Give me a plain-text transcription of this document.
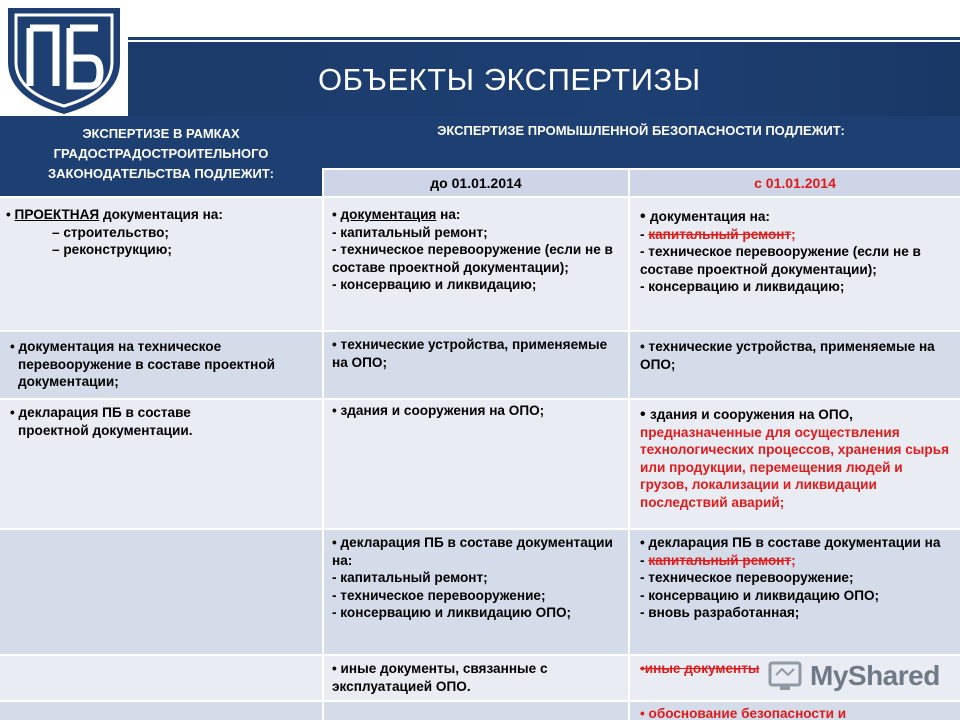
ОБЪЕКТЫ ЭКСПЕРТИЗЫ
ЭКСПЕРТИЗЕ В РАМКАХ ГРАДОСТРАДОСТРОИТЕЛЬНОГО ЗАКОНОДАТЕЛЬСТВА ПОДЛЕЖИТ:
ЭКСПЕРТИЗЕ ПРОМЫШЛЕННОЙ БЕЗОПАСНОСТИ ПОДЛЕЖИТ:
до 01.01.2014	с 01.01.2014
• ПРОЕКТНАЯ документация на:
– строительство;
– реконструкцию;
• документация на:
- капитальный ремонт;
- техническое перевооружение (если не в составе проектной документации);
- консервацию и ликвидацию;
• документация на:
- капитальный ремонт;
- техническое перевооружение (если не в составе проектной документации);
- консервацию и ликвидацию;
• документация на техническое перевооружение в составе проектной документации;
• технические устройства, применяемые на ОПО;
• технические устройства, применяемые на ОПО;
• декларация ПБ в составе проектной документации.
• здания и сооружения на ОПО;	• здания и сооружения на ОПО,
предназначенные для осуществления технологических процессов, хранения сырья или продукции, перемещения людей и грузов, локализации и ликвидации последствий аварий;
• декларация ПБ в составе документации на:
- капитальный ремонт;
- техническое перевооружение;
- консервацию и ликвидацию ОПО;
• декларация ПБ в составе документации на
- капитальный ремонт;
- техническое перевооружение;
- консервацию и ликвидацию ОПО;
- вновь разработанная;
• иные документы, связанные с эксплуатацией ОПО.
•иные документы
• обоснование безопасности и
MyShared
